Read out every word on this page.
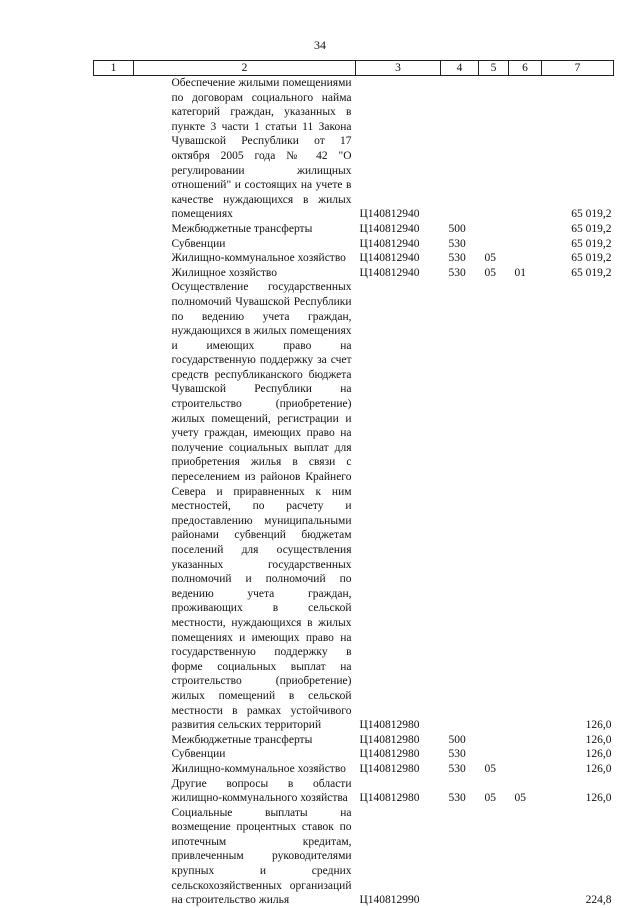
34
1	2	3	4	5	6	7
	Обеспечение жилыми помещениями по договорам социального найма категорий граждан, указанных в пункте 3 части 1 статьи 11 Закона Чувашской Республики от 17 октября 2005 года № 42 "О регулировании жилищных отношений" и состоящих на учете в качестве нуждающихся в жилых помещениях	Ц140812940				65 019,2
	Межбюджетные трансферты	Ц140812940	500			65 019,2
	Субвенции	Ц140812940	530			65 019,2
	Жилищно-коммунальное хозяйство	Ц140812940	530	05		65 019,2
	Жилищное хозяйство	Ц140812940	530	05	01	65 019,2
	Осуществление государственных полномочий Чувашской Республики по ведению учета граждан, нуждающихся в жилых помещениях и имеющих право на государственную поддержку за счет средств республиканского бюджета Чувашской Республики на строительство (приобретение) жилых помещений, регистрации и учету граждан, имеющих право на получение социальных выплат для приобретения жилья в связи с переселением из районов Крайнего Севера и приравненных к ним местностей, по расчету и предоставлению муниципальными районами субвенций бюджетам поселений для осуществления указанных государственных полномочий и полномочий по ведению учета граждан, проживающих в сельской местности, нуждающихся в жилых помещениях и имеющих право на государственную поддержку в форме социальных выплат на строительство (приобретение) жилых помещений в сельской местности в рамках устойчивого развития сельских территорий	Ц140812980				126,0
	Межбюджетные трансферты	Ц140812980	500			126,0
	Субвенции	Ц140812980	530			126,0
	Жилищно-коммунальное хозяйство	Ц140812980	530	05		126,0
	Другие вопросы в области жилищно-коммунального хозяйства	Ц140812980	530	05	05	126,0
	Социальные выплаты на возмещение процентных ставок по ипотечным кредитам, привлеченным руководителями крупных и средних сельскохозяйственных организаций на строительство жилья	Ц140812990				224,8
